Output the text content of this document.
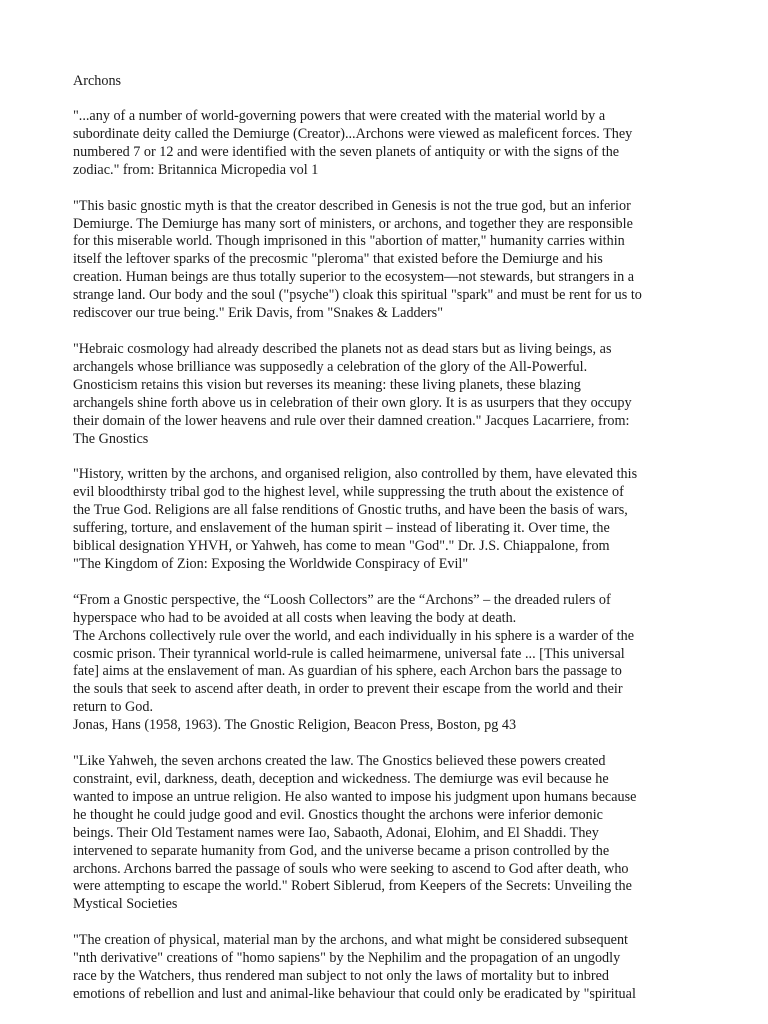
Archons
"...any of a number of world-governing powers that were created with the material world by a
subordinate deity called the Demiurge (Creator)...Archons were viewed as maleficent forces. They
numbered 7 or 12 and were identified with the seven planets of antiquity or with the signs of the
zodiac." from: Britannica Micropedia vol 1
"This basic gnostic myth is that the creator described in Genesis is not the true god, but an inferior
Demiurge. The Demiurge has many sort of ministers, or archons, and together they are responsible
for this miserable world. Though imprisoned in this "abortion of matter," humanity carries within
itself the leftover sparks of the precosmic "pleroma" that existed before the Demiurge and his
creation. Human beings are thus totally superior to the ecosystem—not stewards, but strangers in a
strange land. Our body and the soul ("psyche") cloak this spiritual "spark" and must be rent for us to
rediscover our true being." Erik Davis, from "Snakes & Ladders"
"Hebraic cosmology had already described the planets not as dead stars but as living beings, as
archangels whose brilliance was supposedly a celebration of the glory of the All-Powerful.
Gnosticism retains this vision but reverses its meaning: these living planets, these blazing
archangels shine forth above us in celebration of their own glory. It is as usurpers that they occupy
their domain of the lower heavens and rule over their damned creation." Jacques Lacarriere, from:
The Gnostics
"History, written by the archons, and organised religion, also controlled by them, have elevated this
evil bloodthirsty tribal god to the highest level, while suppressing the truth about the existence of
the True God. Religions are all false renditions of Gnostic truths, and have been the basis of wars,
suffering, torture, and enslavement of the human spirit – instead of liberating it. Over time, the
biblical designation YHVH, or Yahweh, has come to mean "God"." Dr. J.S. Chiappalone, from
"The Kingdom of Zion: Exposing the Worldwide Conspiracy of Evil"
“From a Gnostic perspective, the “Loosh Collectors” are the “Archons” – the dreaded rulers of
hyperspace who had to be avoided at all costs when leaving the body at death.
The Archons collectively rule over the world, and each individually in his sphere is a warder of the
cosmic prison. Their tyrannical world-rule is called heimarmene, universal fate ... [This universal
fate] aims at the enslavement of man. As guardian of his sphere, each Archon bars the passage to
the souls that seek to ascend after death, in order to prevent their escape from the world and their
return to God.
Jonas, Hans (1958, 1963). The Gnostic Religion, Beacon Press, Boston, pg 43
"Like Yahweh, the seven archons created the law. The Gnostics believed these powers created
constraint, evil, darkness, death, deception and wickedness. The demiurge was evil because he
wanted to impose an untrue religion. He also wanted to impose his judgment upon humans because
he thought he could judge good and evil. Gnostics thought the archons were inferior demonic
beings. Their Old Testament names were Iao, Sabaoth, Adonai, Elohim, and El Shaddi. They
intervened to separate humanity from God, and the universe became a prison controlled by the
archons. Archons barred the passage of souls who were seeking to ascend to God after death, who
were attempting to escape the world." Robert Siblerud, from Keepers of the Secrets: Unveiling the
Mystical Societies
"The creation of physical, material man by the archons, and what might be considered subsequent
"nth derivative" creations of "homo sapiens" by the Nephilim and the propagation of an ungodly
race by the Watchers, thus rendered man subject to not only the laws of mortality but to inbred
emotions of rebellion and lust and animal-like behaviour that could only be eradicated by "spiritual
